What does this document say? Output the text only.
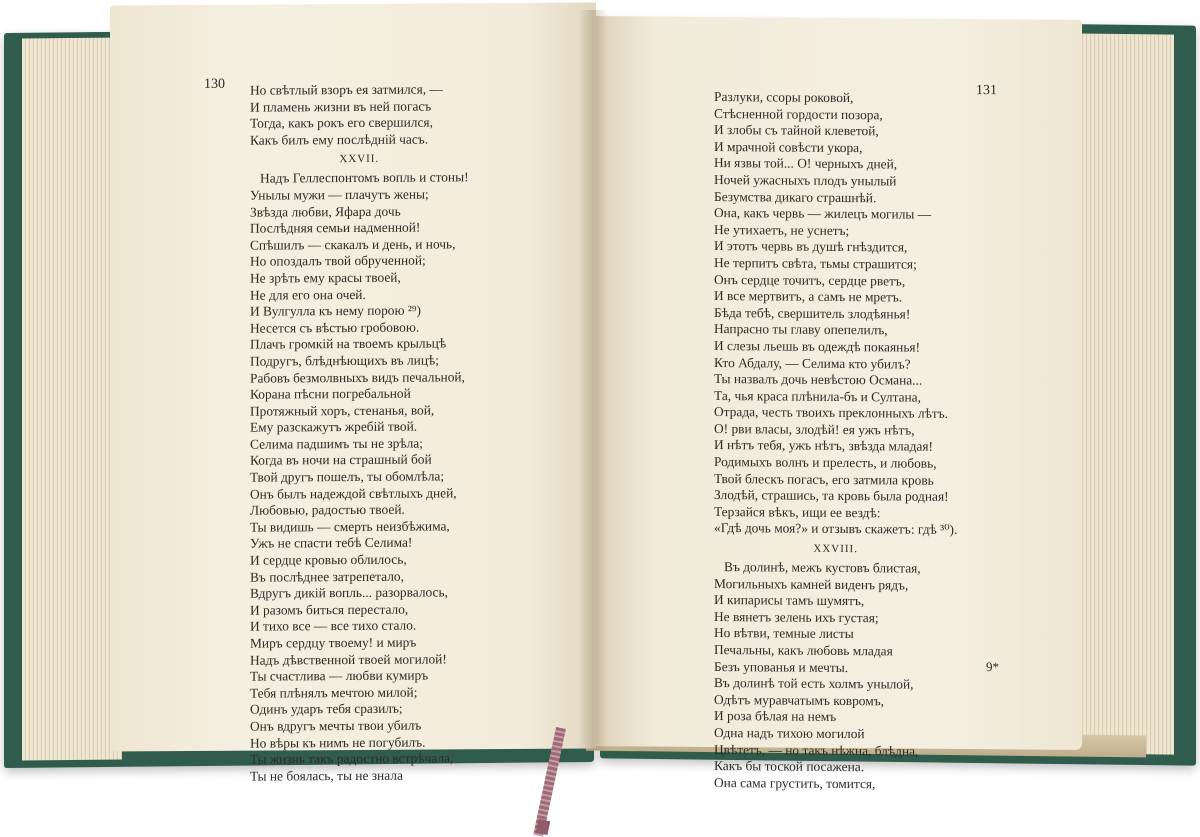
130 Но свѣтлый взоръ ея затмился, —
И пламень жизни въ ней погасъ
Тогда, какъ рокъ его свершился,
Какъ билъ ему послѣднiй часъ.
XXVII.
Надъ Геллеспонтомъ вопль и стоны!
Унылы мужи — плачутъ жены;
Звѣзда любви, Яфара дочь
Послѣдняя семьи надменной!
Спѣшилъ — скакалъ и день, и ночь,
Но опоздалъ твой обрученной;
Не зрѣть ему красы твоей,
Не для его она очей.
И Вулгулла къ нему порою ²⁹)
Несется съ вѣстью гробовою.
Плачъ громкiй на твоемъ крыльцѣ
Подругъ, блѣднѣющихъ въ лицѣ;
Рабовъ безмолвныхъ видъ печальной,
Корана пѣсни погребальной
Протяжный хоръ, стенанья, вой,
Ему разскажутъ жребiй твой.
Селима падшимъ ты не зрѣла;
Когда въ ночи на страшный бой
Твой другъ пошелъ, ты обомлѣла;
Онъ былъ надеждой свѣтлыхъ дней,
Любовью, радостью твоей.
Ты видишь — смерть неизбѣжима,
Ужъ не спасти тебѣ Селима!
И сердце кровью облилось,
Въ послѣднее затрепетало,
Вдругъ дикiй вопль... разорвалось,
И разомъ биться перестало,
И тихо все — все тихо стало.
Миръ сердцу твоему! и миръ
Надъ дѣвственной твоей могилой!
Ты счастлива — любви кумиръ
Тебя плѣнялъ мечтою милой;
Одинъ ударъ тебя сразилъ;
Онъ вдругъ мечты твои убилъ
Но вѣры къ нимъ не погубилъ.
Ты жизнь такъ радостно встрѣчала,
Ты не боялась, ты не знала
131
Разлуки, ссоры роковой,
Стѣсненной гордости позора,
И злобы съ тайной клеветой,
И мрачной совѣсти укора,
Ни язвы той... О! черныхъ дней,
Ночей ужасныхъ плодъ унылый
Безумства дикаго страшнѣй.
Она, какъ червь — жилецъ могилы —
Не утихаетъ, не уснетъ;
И этотъ червь въ душѣ гнѣздится,
Не терпитъ свѣта, тьмы страшится;
Онъ сердце точитъ, сердце рветъ,
И все мертвитъ, а самъ не мретъ.
Бѣда тебѣ, свершитель злодѣянья!
Напрасно ты главу опепелилъ,
И слезы льешь въ одеждѣ покаянья!
Кто Абдалу, — Селима кто убилъ?
Ты назвалъ дочь невѣстою Османа...
Та, чья краса плѣнила-бъ и Султана,
Отрада, честь твоихъ преклонныхъ лѣтъ.
О! рви власы, злодѣй! ея ужъ нѣтъ,
И нѣтъ тебя, ужъ нѣтъ, звѣзда младая!
Родимыхъ волнъ и прелесть, и любовь,
Твой блескъ погасъ, его затмила кровь
Злодѣй, страшись, та кровь была родная!
Терзайся вѣкъ, ищи ее вездѣ:
«Гдѣ дочь моя?» и отзывъ скажетъ: гдѣ ³⁰).
XXVIII.
Въ долинѣ, межъ кустовъ блистая,
Могильныхъ камней виденъ рядъ,
И кипарисы тамъ шумятъ,
Не вянетъ зелень ихъ густая;
Но вѣтви, темные листы
Печальны, какъ любовь младая
Безъ упованья и мечты.
Въ долинѣ той есть холмъ унылой,
Одѣтъ муравчатымъ ковромъ,
И роза бѣлая на немъ
Одна надъ тихою могилой
Цвѣтетъ, — но такъ нѣжна, блѣдна,
Какъ бы тоской посажена.
Она сама грустить, томится,
9*
